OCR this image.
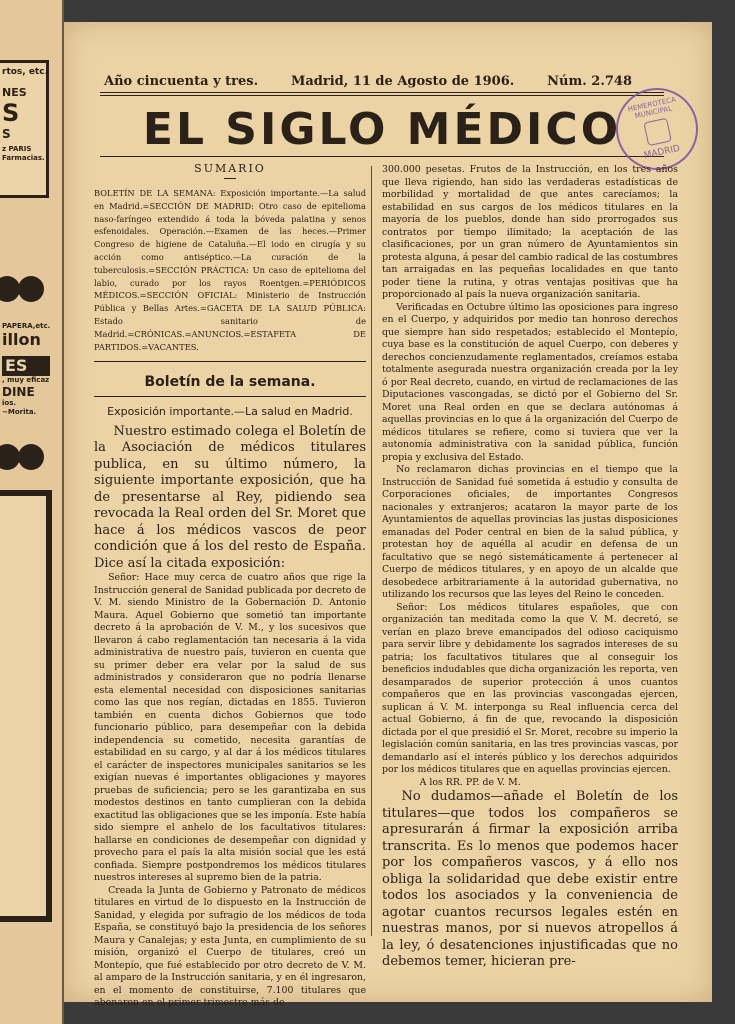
rtos, etc.
NES
S
S
z PARIS
Farmacias.
PAPERA,etc.
illon
ES
, muy eficaz
DINE
ios.
~Morita.
Año cincuenta y tres.	Madrid, 11 de Agosto de 1906.	Núm. 2.748
EL SIGLO MÉDICO HEMEROTECA MUNICIPAL
MADRID
SUMARIO

BOLETÍN DE LA SEMANA: Exposición importante.—La salud en Madrid.=SECCIÓN DE MADRID: Otro caso de epitelioma naso-faríngeo extendido á toda la bóveda palatina y senos esfenoidales. Operación.—Examen de las heces.—Primer Congreso de higiene de Cataluña.—El iodo en cirugía y su acción como antiséptico.—La curación de la tuberculosis.=SECCIÓN PRÁCTICA: Un caso de epitelioma del labio, curado por los rayos Roentgen.=PERIÓDICOS MÉDICOS.=SECCIÓN OFICIAL: Ministerio de Instrucción Pública y Bellas Artes.=GACETA DE LA SALUD PÚBLICA: Estado sanitario de Madrid.=CRÓNICAS.=ANUNCIOS.=ESTAFETA DE PARTIDOS.=VACANTES.

Boletín de la semana.
Exposición importante.—La salud en Madrid.

Nuestro estimado colega el Boletín de la Asociación de médicos titulares publica, en su último número, la siguiente importante exposición, que ha de presentarse al Rey, pidiendo sea revocada la Real orden del Sr. Moret que hace á los médicos vascos de peor condición que á los del resto de España. Dice así la citada exposición:

Señor: Hace muy cerca de cuatro años que rige la Instrucción general de Sanidad publicada por decreto de V. M. siendo Ministro de la Gobernación D. Antonio Maura. Aquel Gobierno que sometió tan importante decreto á la aprobación de V. M., y los sucesivos que llevaron á cabo reglamentación tan necesaria á la vida administrativa de nuestro país, tuvieron en cuenta que su primer deber era velar por la salud de sus administrados y consideraron que no podría llenarse esta elemental necesidad con disposiciones sanitarias como las que nos regían, dictadas en 1855. Tuvieron también en cuenta dichos Gobiernos que todo funcionario público, para desempeñar con la debida independencia su cometido, necesita garantías de estabilidad en su cargo, y al dar á los médicos titulares el carácter de inspectores municipales sanitarios se les exigían nuevas é importantes obligaciones y mayores pruebas de suficiencia; pero se les garantizaba en sus modestos destinos en tanto cumplieran con la debida exactitud las obligaciones que se les imponía. Este había sido siempre el anhelo de los facultativos titulares: hallarse en condiciones de desempeñar con dignidad y provecho para el país la alta misión social que les está confiada. Siempre postpondremos los médicos titulares nuestros intereses al supremo bien de la patria.

Creada la Junta de Gobierno y Patronato de médicos titulares en virtud de lo dispuesto en la Instrucción de Sanidad, y elegida por sufragio de los médicos de toda España, se constituyó bajo la presidencia de los señores Maura y Canalejas; y esta Junta, en cumplimiento de su misión, organizó el Cuerpo de titulares, creó un Montepío, que fué establecido por otro decreto de V. M. al amparo de la Instrucción sanitaria, y en él ingresaron, en el momento de constituirse, 7.100 titulares que abonaron en el primer trimestre más de

300.000 pesetas. Frutos de la Instrucción, en los tres años que lleva rigiendo, han sido las verdaderas estadísticas de morbilidad y mortalidad de que antes carecíamos; la estabilidad en sus cargos de los médicos titulares en la mayoría de los pueblos, donde han sido prorrogados sus contratos por tiempo ilimitado; la aceptación de las clasificaciones, por un gran número de Ayuntamientos sin protesta alguna, á pesar del cambio radical de las costumbres tan arraigadas en las pequeñas localidades en que tanto poder tiene la rutina, y otras ventajas positivas que ha proporcionado al país la nueva organización sanitaria.

Verificadas en Octubre último las oposiciones para ingreso en el Cuerpo, y adquiridos por medio tan honroso derechos que siempre han sido respetados; establecido el Montepío, cuya base es la constitución de aquel Cuerpo, con deberes y derechos concienzudamente reglamentados, creíamos estaba totalmente asegurada nuestra organización creada por la ley ó por Real decreto, cuando, en virtud de reclamaciones de las Diputaciones vascongadas, se dictó por el Gobierno del Sr. Moret una Real orden en que se declara autónomas á aquellas provincias en lo que á la organización del Cuerpo de médicos titulares se refiere, como si tuviera que ver la autonomía administrativa con la sanidad pública, función propia y exclusiva del Estado.

No reclamaron dichas provincias en el tiempo que la Instrucción de Sanidad fué sometida á estudio y consulta de Corporaciones oficiales, de importantes Congresos nacionales y extranjeros; acataron la mayor parte de los Ayuntamientos de aquellas provincias las justas disposiciones emanadas del Poder central en bien de la salud pública, y protestan hoy de aquélla al acudir en defensa de un facultativo que se negó sistemáticamente á pertenecer al Cuerpo de médicos titulares, y en apoyo de un alcalde que desobedece arbitrariamente á la autoridad gubernativa, no utilizando los recursos que las leyes del Reino le conceden.

Señor: Los médicos titulares españoles, que con organización tan meditada como la que V. M. decretó, se verían en plazo breve emancipados del odioso caciquismo para servir libre y debidamente los sagrados intereses de su patria; los facultativos titulares que al conseguir los beneficios indudables que dicha organización les reporta, ven desamparados de superior protección á unos cuantos compañeros que en las provincias vascongadas ejercen, suplican á V. M. interponga su Real influencia cerca del actual Gobierno, á fin de que, revocando la disposición dictada por el que presidió el Sr. Moret, recobre su imperio la legislación común sanitaria, en las tres provincias vascas, por demandarlo así el interés público y los derechos adquiridos por los médicos titulares que en aquellas provincias ejercen.

A los RR. PP. de V. M.

No dudamos—añade el Boletín de los titulares—que todos los compañeros se apresurarán á firmar la exposición arriba transcrita. Es lo menos que podemos hacer por los compañeros vascos, y á ello nos obliga la solidaridad que debe existir entre todos los asociados y la conveniencia de agotar cuantos recursos legales estén en nuestras manos, por si nuevos atropellos á la ley, ó desatenciones injustificadas que no debemos temer, hicieran pre-
